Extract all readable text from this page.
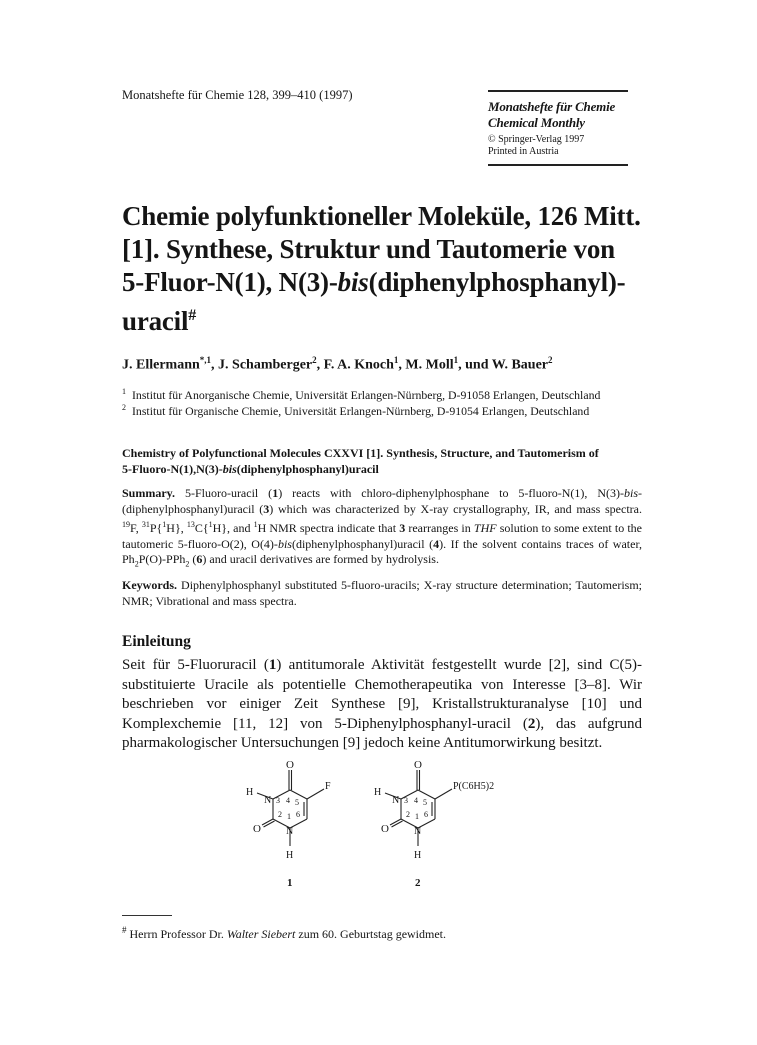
Monatshefte für Chemie 128, 399–410 (1997)
Monatshefte für Chemie
Chemical Monthly
© Springer-Verlag 1997
Printed in Austria
Chemie polyfunktioneller Moleküle, 126 Mitt.
[1]. Synthese, Struktur und Tautomerie von
5-Fluor-N(1), N(3)-bis(diphenylphosphanyl)-
uracil#
J. Ellermann$^{*,1}$, J. Schamberger$^2$, F. A. Knoch$^1$, M. Moll$^1$, und W. Bauer$^2$
$^1$ Institut für Anorganische Chemie, Universität Erlangen-Nürnberg, D-91058 Erlangen, Deutschland
$^2$ Institut für Organische Chemie, Universität Erlangen-Nürnberg, D-91054 Erlangen, Deutschland
Chemistry of Polyfunctional Molecules CXXVI [1]. Synthesis, Structure, and Tautomerism of
5-Fluoro-N(1),N(3)-bis(diphenylphosphanyl)uracil
Summary. 5-Fluoro-uracil (1) reacts with chloro-diphenylphosphane to 5-fluoro-N(1), N(3)-bis-(diphenylphosphanyl)uracil (3) which was characterized by X-ray crystallography, IR, and mass spectra. $^{19}$F, $^{31}$P{$^1$H}, $^{13}$C{$^1$H}, and $^1$H NMR spectra indicate that 3 rearranges in THF solution to some extent to the tautomeric 5-fluoro-O(2), O(4)-bis(diphenylphosphanyl)uracil (4). If the solvent contains traces of water, $Ph_2P(O)-PPh_2$ (6) and uracil derivatives are formed by hydrolysis.
Keywords. Diphenylphosphanyl substituted 5-fluoro-uracils; X-ray structure determination; Tautomerism; NMR; Vibrational and mass spectra.
Einleitung
Seit für 5-Fluoruracil (1) antitumorale Aktivität festgestellt wurde [2], sind C(5)-substituierte Uracile als potentielle Chemotherapeutika von Interesse [3–8]. Wir beschrieben vor einiger Zeit Synthese [9], Kristallstrukturanalyse [10] und Komplexchemie [11, 12] von 5-Diphenylphosphanyl-uracil (2), das aufgrund pharmakologischer Untersuchungen [9] jedoch keine Antitumorwirkung besitzt.
O
F
H
N 3 4 5
2 1 6
O	N
H
1
O
P(C6H5)2
H
N 3 4 5
2 1 6
O	N
H
2
# Herrn Professor Dr. Walter Siebert zum 60. Geburtstag gewidmet.
